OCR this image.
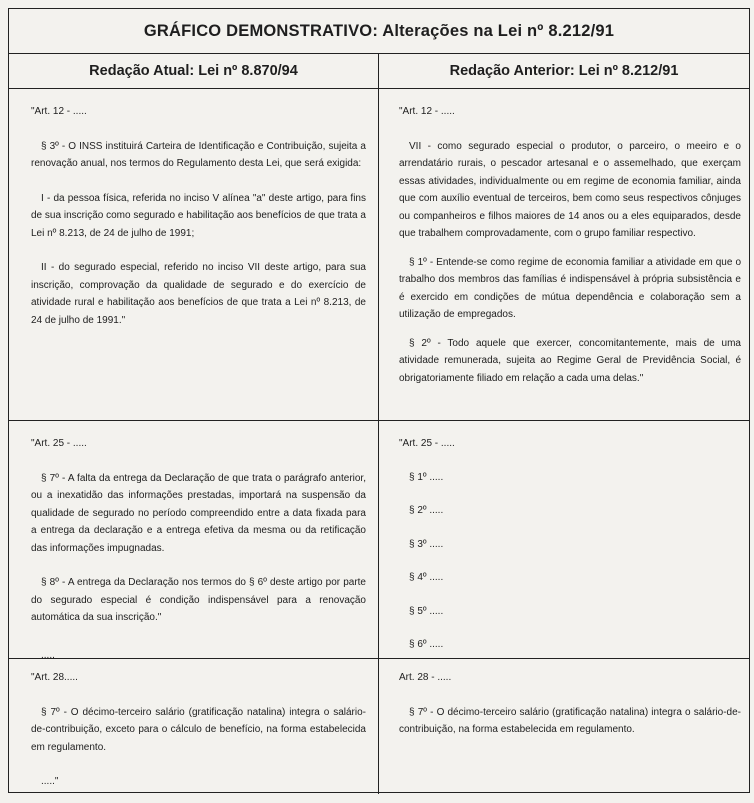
GRÁFICO DEMONSTRATIVO: Alterações na Lei nº 8.212/91
Redação Atual: Lei nº 8.870/94	Redação Anterior: Lei nº 8.212/91

"Art. 12 - .....

§ 3º - O INSS instituirá Carteira de Identificação e Contribuição, sujeita a renovação anual, nos termos do Regulamento desta Lei, que será exigida:

I - da pessoa física, referida no inciso V alínea "a" deste artigo, para fins de sua inscrição como segurado e habilitação aos benefícios de que trata a Lei nº 8.213, de 24 de julho de 1991;

II - do segurado especial, referido no inciso VII deste artigo, para sua inscrição, comprovação da qualidade de segurado e do exercício de atividade rural e habilitação aos benefícios de que trata a Lei nº 8.213, de 24 de julho de 1991."

"Art. 12 - .....

VII - como segurado especial o produtor, o parceiro, o meeiro e o arrendatário rurais, o pescador artesanal e o assemelhado, que exerçam essas atividades, individualmente ou em regime de economia familiar, ainda que com auxílio eventual de terceiros, bem como seus respectivos cônjuges ou companheiros e filhos maiores de 14 anos ou a eles equiparados, desde que trabalhem comprovadamente, com o grupo familiar respectivo.

§ 1º - Entende-se como regime de economia familiar a atividade em que o trabalho dos membros das famílias é indispensável à própria subsistência e é exercido em condições de mútua dependência e colaboração sem a utilização de empregados.

§ 2º - Todo aquele que exercer, concomitantemente, mais de uma atividade remunerada, sujeita ao Regime Geral de Previdência Social, é obrigatoriamente filiado em relação a cada uma delas."

"Art. 25 - .....

§ 7º - A falta da entrega da Declaração de que trata o parágrafo anterior, ou a inexatidão das informações prestadas, importará na suspensão da qualidade de segurado no período compreendido entre a data fixada para a entrega da declaração e a entrega efetiva da mesma ou da retificação das informações impugnadas.

§ 8º - A entrega da Declaração nos termos do § 6º deste artigo por parte do segurado especial é condição indispensável para a renovação automática da sua inscrição."

.....

"Art. 25 - .....

§ 1º .....

§ 2º .....

§ 3º .....

§ 4º .....

§ 5º .....

§ 6º .....

"Art. 28.....

§ 7º - O décimo-terceiro salário (gratificação natalina) integra o salário-de-contribuição, exceto para o cálculo de benefício, na forma estabelecida em regulamento.

....."

Art. 28 - .....

§ 7º - O décimo-terceiro salário (gratificação natalina) integra o salário-de-contribuição, na forma estabelecida em regulamento.
